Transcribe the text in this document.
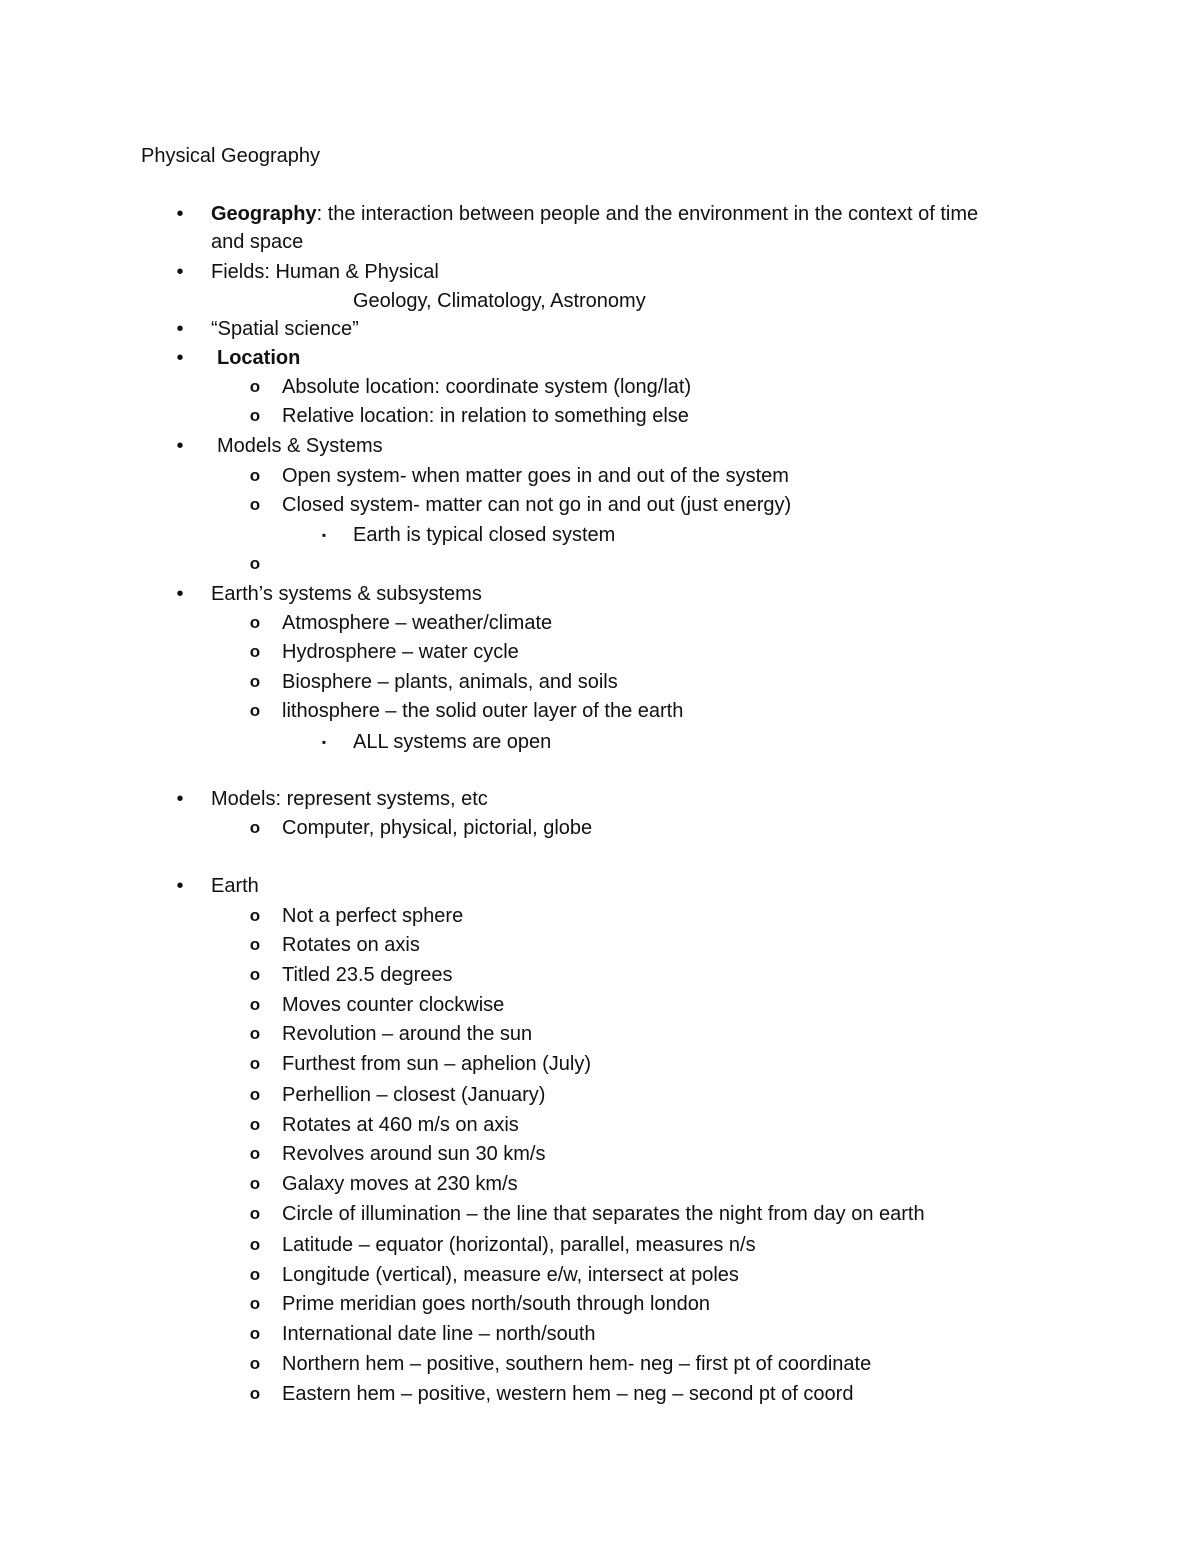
Physical Geography
• Geography: the interaction between people and the environment in the context of time
and space
• Fields: Human & Physical
Geology, Climatology, Astronomy
• “Spatial science”
• Location
o Absolute location: coordinate system (long/lat)
o Relative location: in relation to something else
• Models & Systems
o Open system- when matter goes in and out of the system
o Closed system- matter can not go in and out (just energy)
▪ Earth is typical closed system
o
• Earth’s systems & subsystems
o Atmosphere – weather/climate
o Hydrosphere – water cycle
o Biosphere – plants, animals, and soils
o lithosphere – the solid outer layer of the earth
▪ ALL systems are open
• Models: represent systems, etc
o Computer, physical, pictorial, globe
• Earth
o Not a perfect sphere
o Rotates on axis
o Titled 23.5 degrees
o Moves counter clockwise
o Revolution – around the sun
o Furthest from sun – aphelion (July)
o Perhellion – closest (January)
o Rotates at 460 m/s on axis
o Revolves around sun 30 km/s
o Galaxy moves at 230 km/s
o Circle of illumination – the line that separates the night from day on earth
o Latitude – equator (horizontal), parallel, measures n/s
o Longitude (vertical), measure e/w, intersect at poles
o Prime meridian goes north/south through london
o International date line – north/south
o Northern hem – positive, southern hem- neg – first pt of coordinate
o Eastern hem – positive, western hem – neg – second pt of coord
